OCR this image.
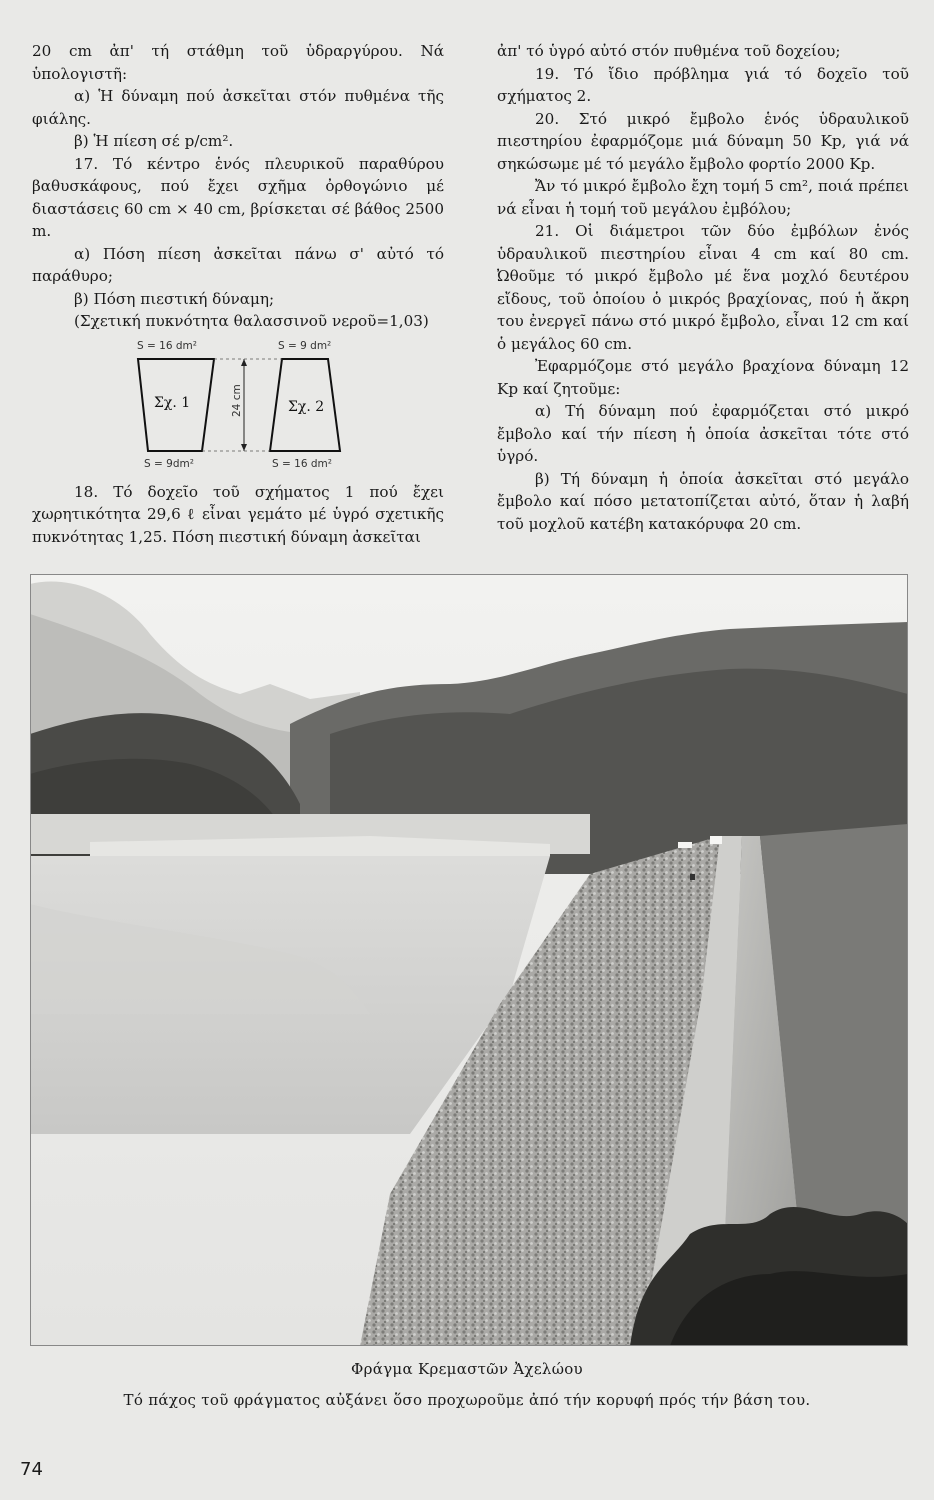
20 cm ἀπ' τή στάθμη τοῦ ὑδραργύρου. Νά ὑπολογιστῆ:

α) Ἡ δύναμη πού ἀσκεῖται στόν πυθμένα τῆς φιάλης.

β) Ἡ πίεση σέ p/cm².

17. Τό κέντρο ἑνός πλευρικοῦ παραθύρου βαθυσκάφους, πού ἔχει σχῆμα ὀρθογώνιο μέ διαστάσεις 60 cm × 40 cm, βρίσκεται σέ βάθος 2500 m.

α) Πόση πίεση ἀσκεῖται πάνω σ' αὐτό τό παράθυρο;

β) Πόση πιεστική δύναμη;

(Σχετική πυκνότητα θαλασσινοῦ νεροῦ=1,03)

S = 16 dm²	S = 9 dm²
Σχ. 1	Σχ. 2
24 cm
S = 9dm²	S = 16 dm²

18. Τό δοχεῖο τοῦ σχήματος 1 πού ἔχει χωρητικότητα 29,6 ℓ εἶναι γεμάτο μέ ὑγρό σχετικῆς πυκνότητας 1,25. Πόση πιεστική δύναμη ἀσκεῖται

ἀπ' τό ὑγρό αὐτό στόν πυθμένα τοῦ δοχείου;

19. Τό ἴδιο πρόβλημα γιά τό δοχεῖο τοῦ σχήματος 2.

20. Στό μικρό ἔμβολο ἑνός ὑδραυλικοῦ πιεστηρίου ἐφαρμόζομε μιά δύναμη 50 Kp, γιά νά σηκώσωμε μέ τό μεγάλο ἔμβολο φορτίο 2000 Kp.

Ἄν τό μικρό ἔμβολο ἔχη τομή 5 cm², ποιά πρέπει νά εἶναι ἡ τομή τοῦ μεγάλου ἐμβόλου;

21. Οἱ διάμετροι τῶν δύο ἐμβόλων ἑνός ὑδραυλικοῦ πιεστηρίου εἶναι 4 cm καί 80 cm. Ὠθοῦμε τό μικρό ἔμβολο μέ ἕνα μοχλό δευτέρου εἴδους, τοῦ ὁποίου ὁ μικρός βραχίονας, πού ἡ ἄκρη του ἐνεργεῖ πάνω στό μικρό ἔμβολο, εἶναι 12 cm καί ὁ μεγάλος 60 cm.

Ἐφαρμόζομε στό μεγάλο βραχίονα δύναμη 12 Kp καί ζητοῦμε:

α) Τή δύναμη πού ἐφαρμόζεται στό μικρό ἔμβολο καί τήν πίεση ἡ ὁποία ἀσκεῖται τότε στό ὑγρό.

β) Τή δύναμη ἡ ὁποία ἀσκεῖται στό μεγάλο ἔμβολο καί πόσο μετατοπίζεται αὐτό, ὅταν ἡ λαβή τοῦ μοχλοῦ κατέβη κατακόρυφα 20 cm.

Φράγμα Κρεμαστῶν Ἀχελώου
Τό πάχος τοῦ φράγματος αὐξάνει ὅσο προχωροῦμε ἀπό τήν κορυφή πρός τήν βάση του.
74
